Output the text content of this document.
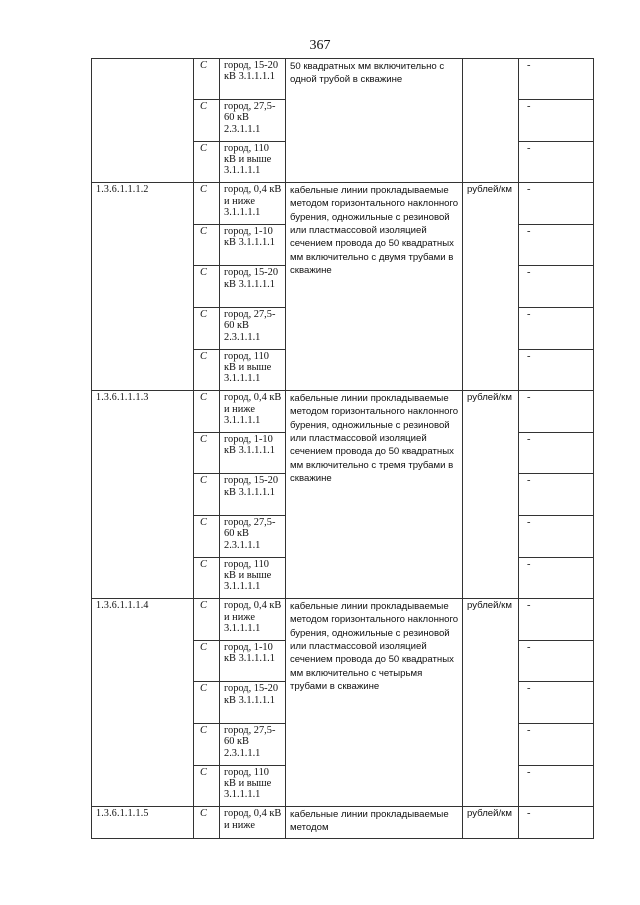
367
	С	город, 15-20 кВ 3.1.1.1.1	50 квадратных мм включительно с одной трубой в скважине		-
	С	город, 27,5-60 кВ 2.3.1.1.1			-
	С	город, 110 кВ и выше 3.1.1.1.1			-
1.3.6.1.1.1.2	С	город, 0,4 кВ и ниже 3.1.1.1.1	кабельные линии прокладываемые методом горизонтального наклонного бурения, одножильные с резиновой или пластмассовой изоляцией сечением провода до 50 квадратных мм включительно с двумя трубами в скважине	рублей/км	-
	С	город, 1-10 кВ 3.1.1.1.1			-
	С	город, 15-20 кВ 3.1.1.1.1			-
	С	город, 27,5-60 кВ 2.3.1.1.1			-
	С	город, 110 кВ и выше 3.1.1.1.1			-
1.3.6.1.1.1.3	С	город, 0,4 кВ и ниже 3.1.1.1.1	кабельные линии прокладываемые методом горизонтального наклонного бурения, одножильные с резиновой или пластмассовой изоляцией сечением провода до 50 квадратных мм включительно с тремя трубами в скважине	рублей/км	-
	С	город, 1-10 кВ 3.1.1.1.1			-
	С	город, 15-20 кВ 3.1.1.1.1			-
	С	город, 27,5-60 кВ 2.3.1.1.1			-
	С	город, 110 кВ и выше 3.1.1.1.1			-
1.3.6.1.1.1.4	С	город, 0,4 кВ и ниже 3.1.1.1.1	кабельные линии прокладываемые методом горизонтального наклонного бурения, одножильные с резиновой или пластмассовой изоляцией сечением провода до 50 квадратных мм включительно с четырьмя трубами в скважине	рублей/км	-
	С	город, 1-10 кВ 3.1.1.1.1			-
	С	город, 15-20 кВ 3.1.1.1.1			-
	С	город, 27,5-60 кВ 2.3.1.1.1			-
	С	город, 110 кВ и выше 3.1.1.1.1			-
1.3.6.1.1.1.5	С	город, 0,4 кВ и ниже	кабельные линии прокладываемые методом	рублей/км	-
